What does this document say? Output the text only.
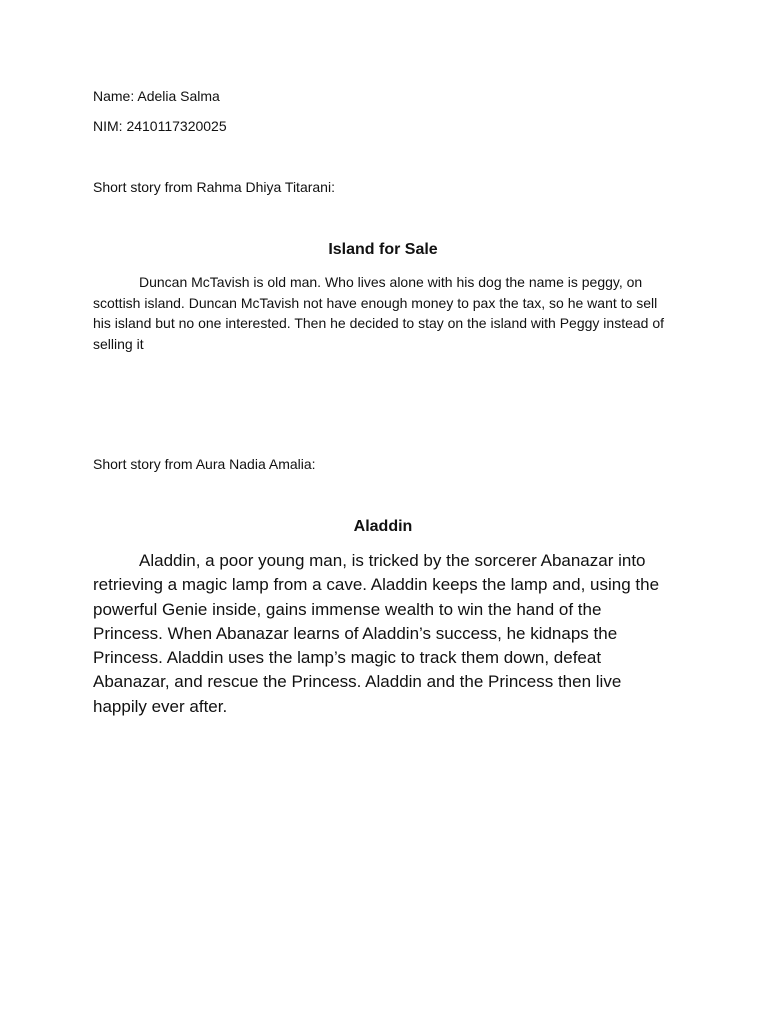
Name: Adelia Salma
NIM: 2410117320025
Short story from Rahma Dhiya Titarani:
Island for Sale

Duncan McTavish is old man. Who lives alone with his dog the name is peggy, on scottish island. Duncan McTavish not have enough money to pax the tax, so he want to sell his island but no one interested. Then he decided to stay on the island with Peggy instead of selling it

Short story from Aura Nadia Amalia:
Aladdin

Aladdin, a poor young man, is tricked by the sorcerer Abanazar into retrieving a magic lamp from a cave. Aladdin keeps the lamp and, using the powerful Genie inside, gains immense wealth to win the hand of the Princess. When Abanazar learns of Aladdin’s success, he kidnaps the Princess. Aladdin uses the lamp’s magic to track them down, defeat Abanazar, and rescue the Princess. Aladdin and the Princess then live happily ever after.
